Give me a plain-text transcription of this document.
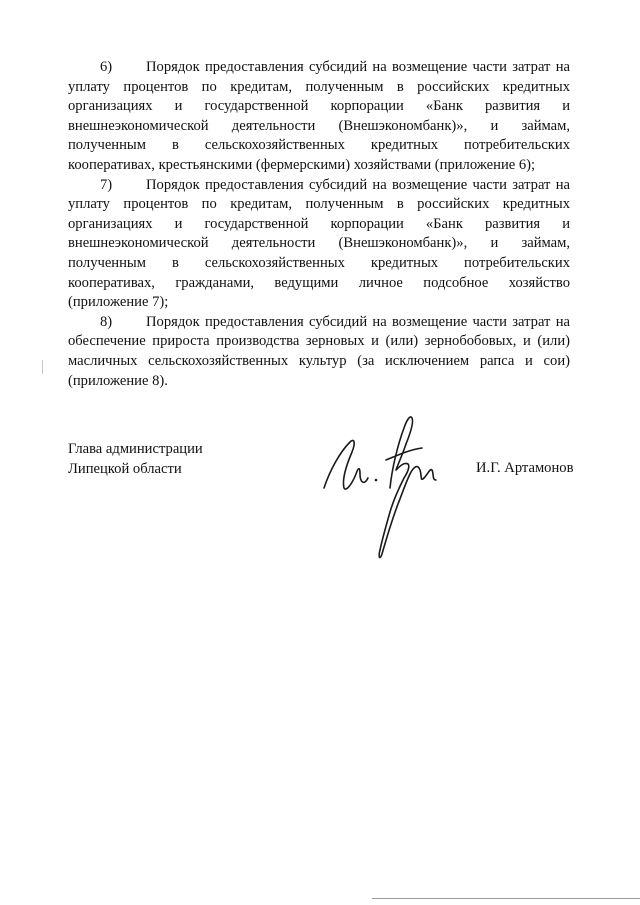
6) Порядок предоставления субсидий на возмещение части затрат на уплату процентов по кредитам, полученным в российских кредитных организациях и государственной корпорации «Банк развития и внешнеэкономической деятельности (Внешэкономбанк)», и займам, полученным в сельскохозяйственных кредитных потребительских кооперативах, крестьянскими (фермерскими) хозяйствами (приложение 6);

7) Порядок предоставления субсидий на возмещение части затрат на уплату процентов по кредитам, полученным в российских кредитных организациях и государственной корпорации «Банк развития и внешнеэкономической деятельности (Внешэкономбанк)», и займам, полученным в сельскохозяйственных кредитных потребительских кооперативах, гражданами, ведущими личное подсобное хозяйство (приложение 7);

8) Порядок предоставления субсидий на возмещение части затрат на обеспечение прироста производства зерновых и (или) зернобобовых, и (или) масличных сельскохозяйственных культур (за исключением рапса и сои) (приложение 8).

Глава администрации
Липецкой области	И.Г. Артамонов
